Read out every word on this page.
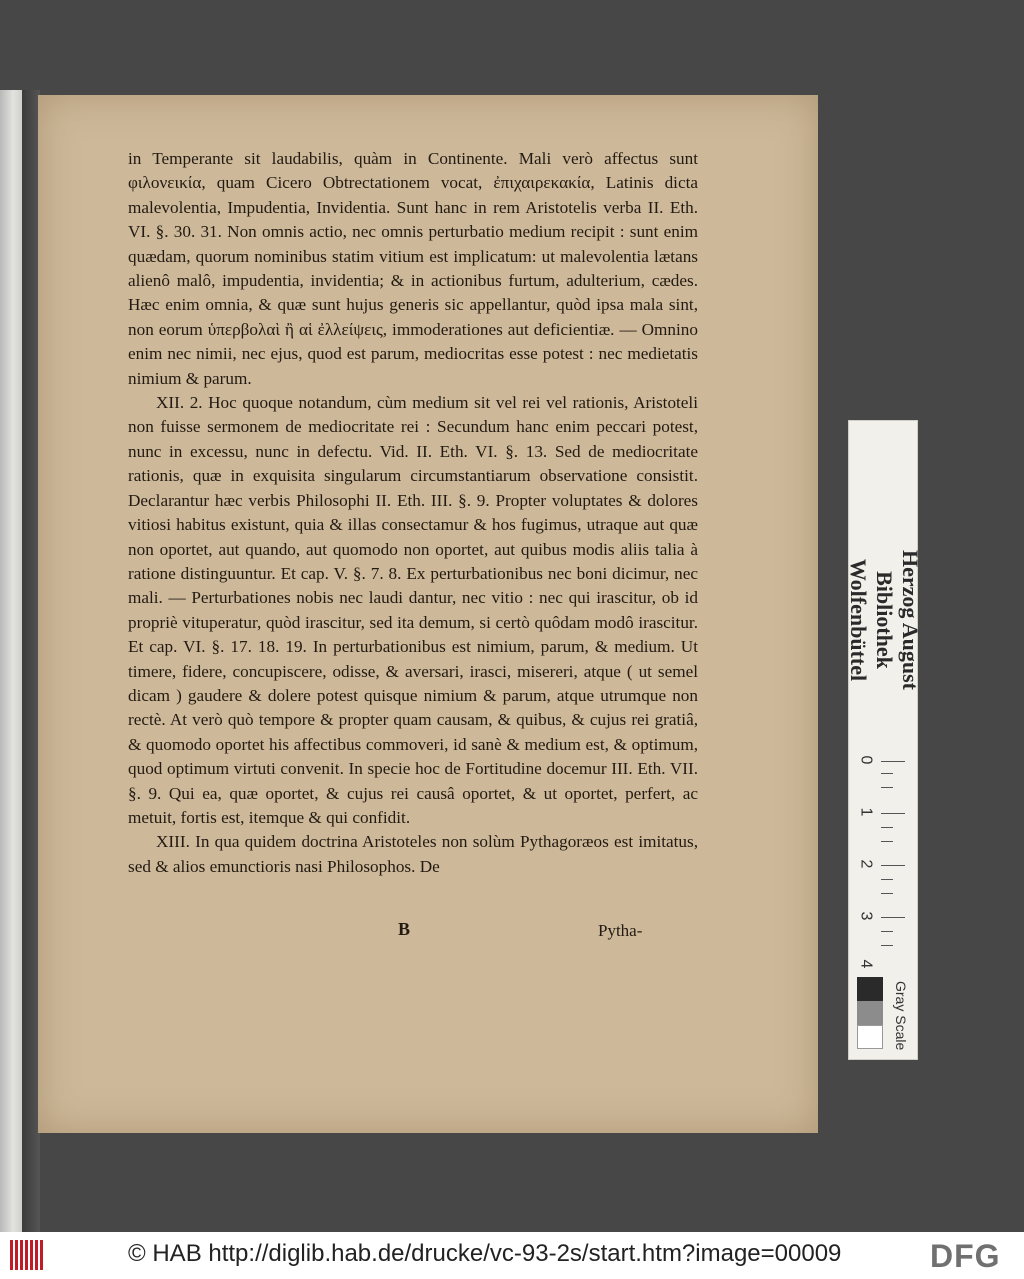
in Temperante sit laudabilis, quàm in Continente. Mali verò affectus sunt φιλονεικία, quam Cicero Obtrectationem vocat, ἐπιχαιρεκακία, Latinis dicta malevolentia, Impudentia, Invidentia. Sunt hanc in rem Aristotelis verba II. Eth. VI. §. 30. 31. Non omnis actio, nec omnis perturbatio medium recipit : sunt enim quædam, quorum nominibus statim vitium est implicatum: ut malevolentia lætans alienô malô, impudentia, invidentia; & in actionibus furtum, adulterium, cædes. Hæc enim omnia, & quæ sunt hujus generis sic appellantur, quòd ipsa mala sint, non eorum ὑπερβολαὶ ἢ αἱ ἐλλείψεις, immoderationes aut deficientiæ. — Omnino enim nec nimii, nec ejus, quod est parum, mediocritas esse potest : nec medietatis nimium & parum.

XII. 2. Hoc quoque notandum, cùm medium sit vel rei vel rationis, Aristoteli non fuisse sermonem de mediocritate rei : Secundum hanc enim peccari potest, nunc in excessu, nunc in defectu. Vid. II. Eth. VI. §. 13. Sed de mediocritate rationis, quæ in exquisita singularum circumstantiarum observatione consistit. Declarantur hæc verbis Philosophi II. Eth. III. §. 9. Propter voluptates & dolores vitiosi habitus existunt, quia & illas consectamur & hos fugimus, utraque aut quæ non oportet, aut quando, aut quomodo non oportet, aut quibus modis aliis talia à ratione distinguuntur. Et cap. V. §. 7. 8. Ex perturbationibus nec boni dicimur, nec mali. — Perturbationes nobis nec laudi dantur, nec vitio : nec qui irascitur, ob id propriè vituperatur, quòd irascitur, sed ita demum, si certò quôdam modô irascitur. Et cap. VI. §. 17. 18. 19. In perturbationibus est nimium, parum, & medium. Ut timere, fidere, concupiscere, odisse, & aversari, irasci, misereri, atque ( ut semel dicam ) gaudere & dolere potest quisque nimium & parum, atque utrumque non rectè. At verò quò tempore & propter quam causam, & quibus, & cujus rei gratiâ, & quomodo oportet his affectibus commoveri, id sanè & medium est, & optimum, quod optimum virtuti convenit. In specie hoc de Fortitudine docemur III. Eth. VII. §. 9. Qui ea, quæ oportet, & cujus rei causâ oportet, & ut oportet, perfert, ac metuit, fortis est, itemque & qui confidit.

XIII. In qua quidem doctrina Aristoteles non solùm Pythagoræos est imitatus, sed & alios emunctioris nasi Philosophos. De

B	Pytha-
Herzog August Bibliothek
Wolfenbüttel
0
1
2
3
4
Gray Scale
© HAB http://diglib.hab.de/drucke/vc-93-2s/start.htm?image=00009	DFG
